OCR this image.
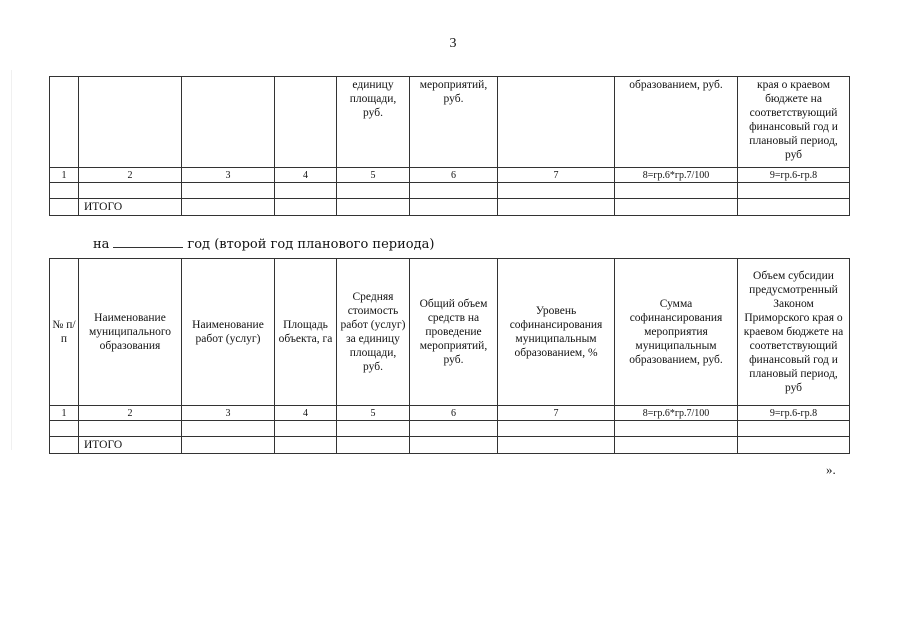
3
				единицу площади, руб.	мероприятий, руб.		образованием, руб.	края о краевом бюджете на соответствующий финансовый год и плановый период, руб
1	2	3	4	5	6	7	8=гр.6*гр.7/100	9=гр.6-гр.8

	ИТОГО							
на	год (второй год планового периода)
№ п/п	Наименование муниципального образования	Наименование работ (услуг)	Площадь объекта, га	Средняя стоимость работ (услуг) за единицу площади, руб.	Общий объем средств на проведение мероприятий, руб.	Уровень софинансирования муниципальным образованием, %	Сумма софинансирования мероприятия муниципальным образованием, руб.	Объем субсидии предусмотренный Законом Приморского края о краевом бюджете на соответствующий финансовый год и плановый период, руб
1	2	3	4	5	6	7	8=гр.6*гр.7/100	9=гр.6-гр.8

	ИТОГО							
».
